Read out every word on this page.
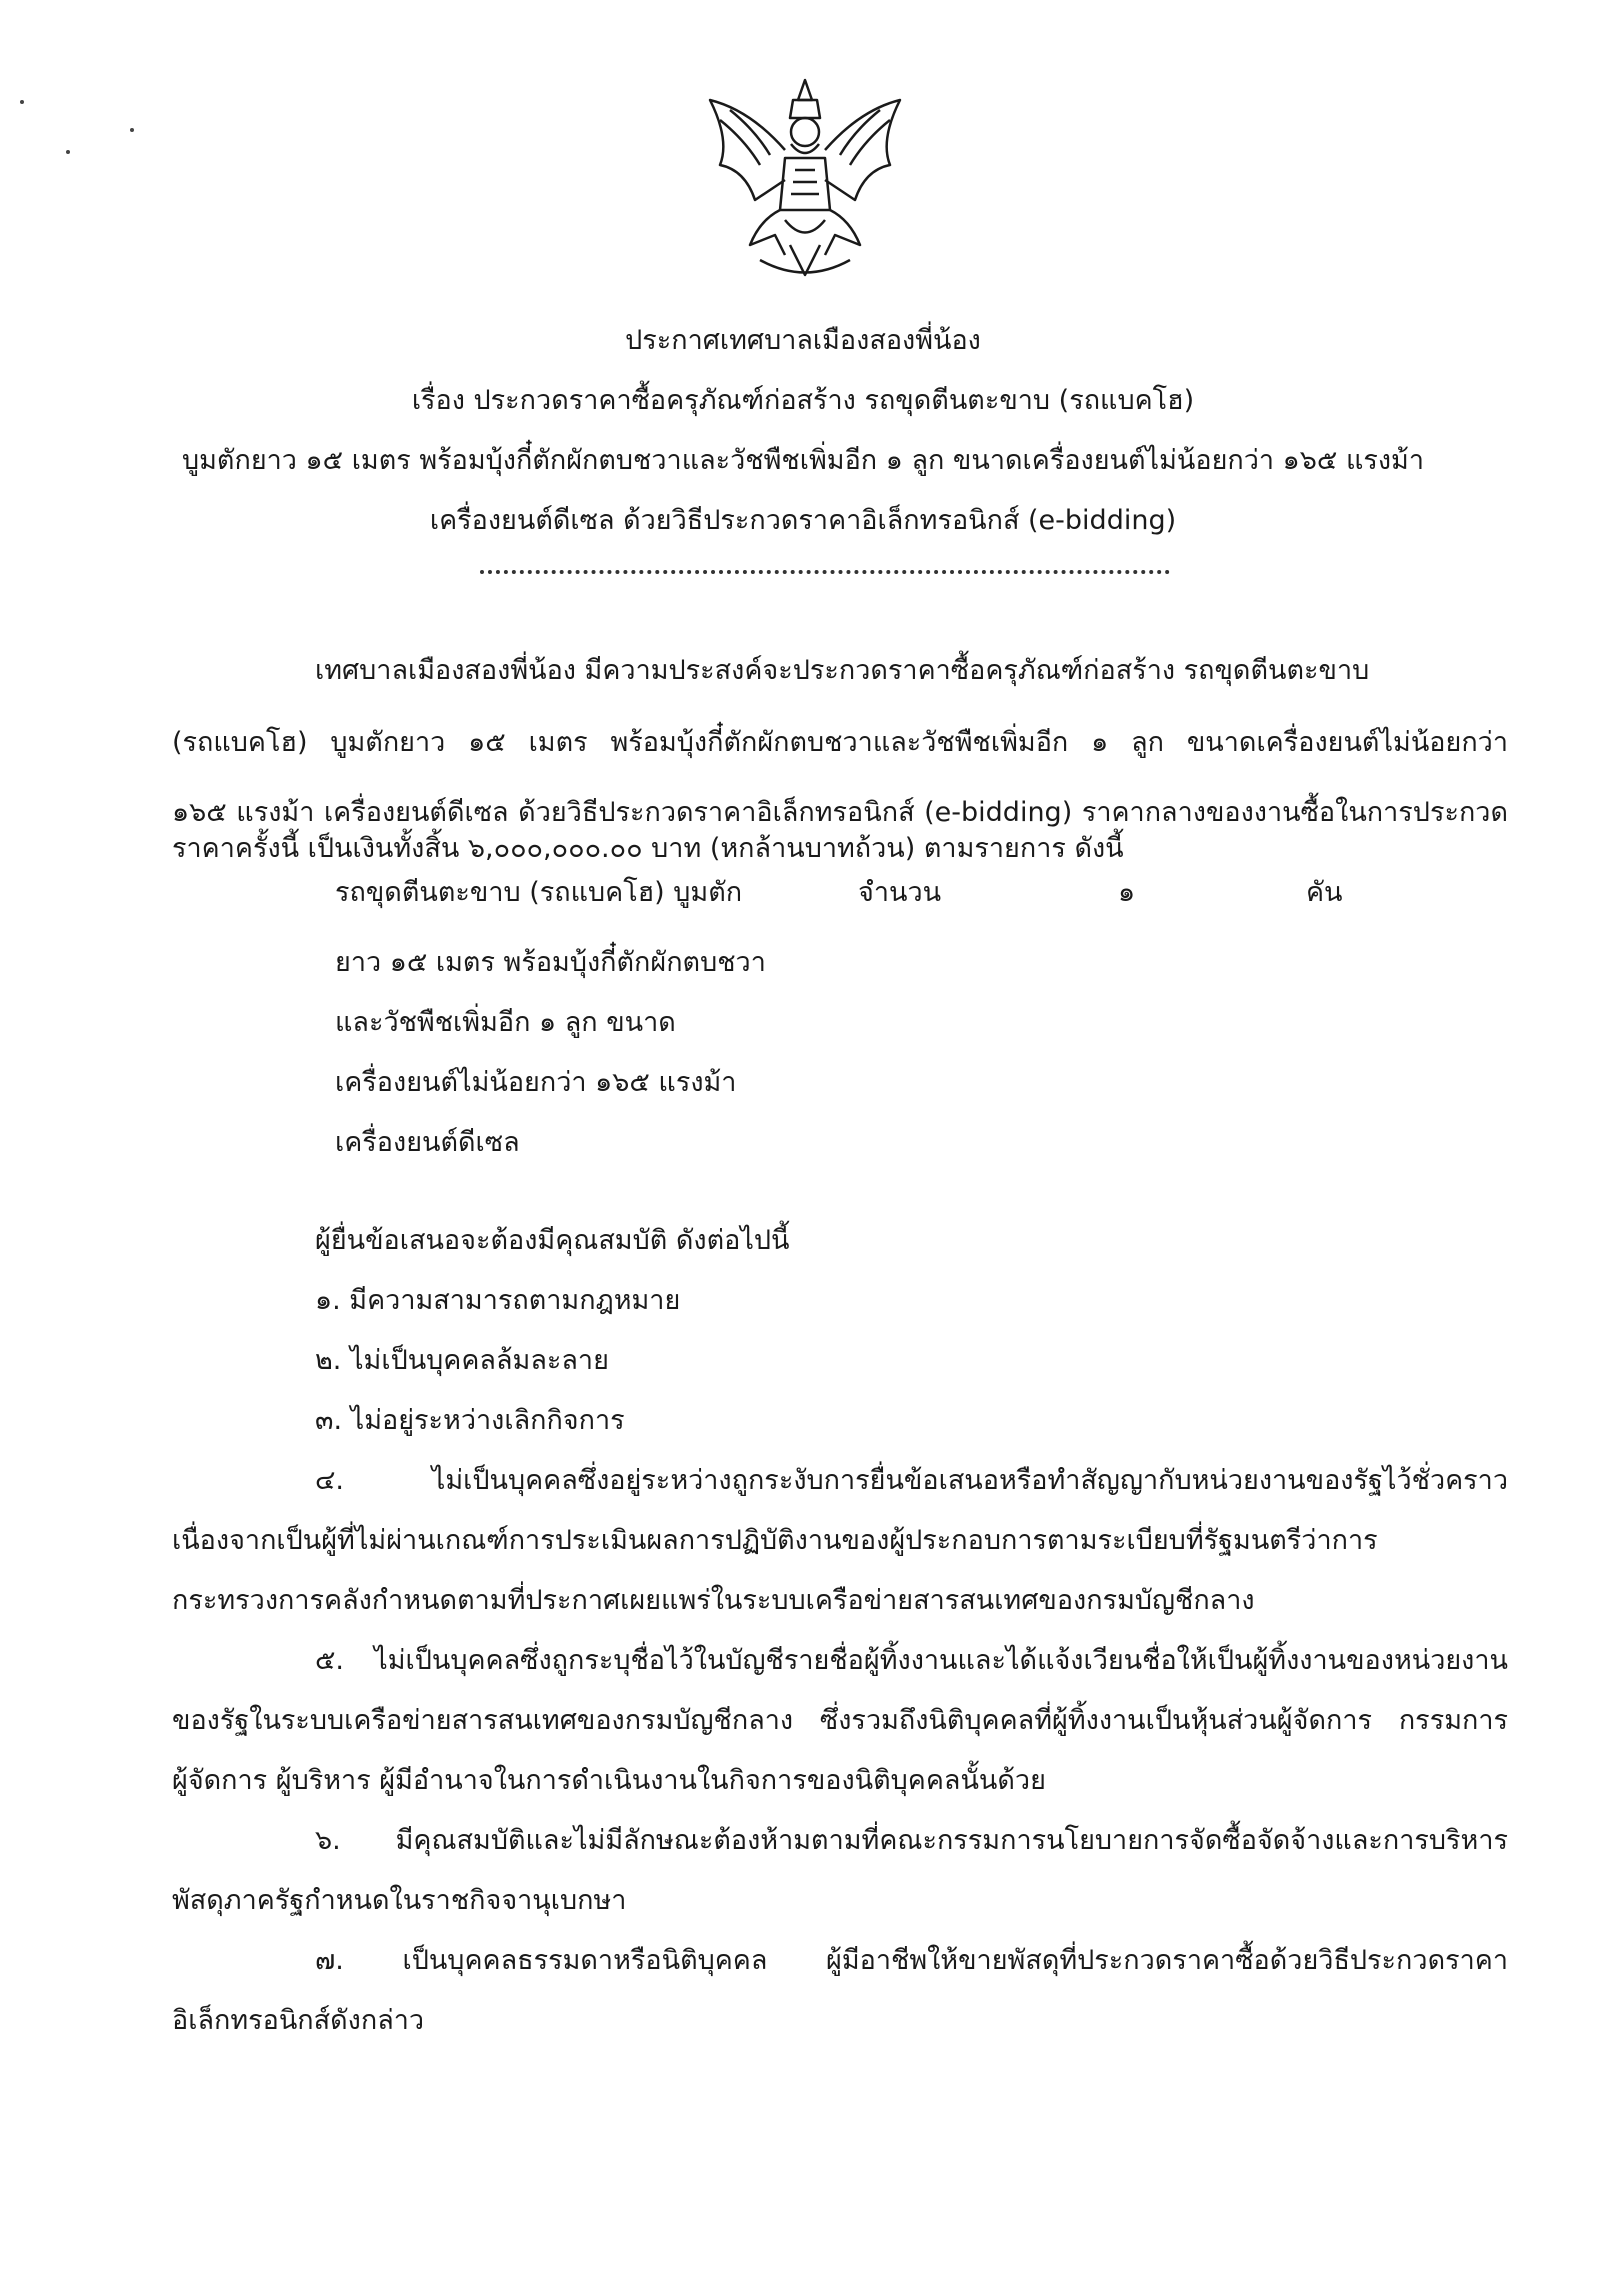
ประกาศเทศบาลเมืองสองพี่น้อง
เรื่อง ประกวดราคาซื้อครุภัณฑ์ก่อสร้าง รถขุดตีนตะขาบ (รถแบคโฮ)
บูมตักยาว ๑๕ เมตร พร้อมบุ้งกี๋ตักผักตบชวาและวัชพืชเพิ่มอีก ๑ ลูก ขนาดเครื่องยนต์ไม่น้อยกว่า ๑๖๕ แรงม้า
เครื่องยนต์ดีเซล ด้วยวิธีประกวดราคาอิเล็กทรอนิกส์ (e-bidding)
เทศบาลเมืองสองพี่น้อง มีความประสงค์จะประกวดราคาซื้อครุภัณฑ์ก่อสร้าง รถขุดตีนตะขาบ
(รถแบคโฮ) บูมตักยาว ๑๕ เมตร พร้อมบุ้งกี๋ตักผักตบชวาและวัชพืชเพิ่มอีก ๑ ลูก ขนาดเครื่องยนต์ไม่น้อยกว่า
๑๖๕ แรงม้า เครื่องยนต์ดีเซล ด้วยวิธีประกวดราคาอิเล็กทรอนิกส์ (e-bidding) ราคากลางของงานซื้อในการประกวด
ราคาครั้งนี้ เป็นเงินทั้งสิ้น ๖,๐๐๐,๐๐๐.๐๐ บาท (หกล้านบาทถ้วน) ตามรายการ ดังนี้
รถขุดตีนตะขาบ (รถแบคโฮ) บูมตัก	จำนวน	๑	คัน
ยาว ๑๕ เมตร พร้อมบุ้งกี๋ตักผักตบชวา
และวัชพืชเพิ่มอีก ๑ ลูก ขนาด
เครื่องยนต์ไม่น้อยกว่า ๑๖๕ แรงม้า
เครื่องยนต์ดีเซล
ผู้ยื่นข้อเสนอจะต้องมีคุณสมบัติ ดังต่อไปนี้
๑. มีความสามารถตามกฎหมาย
๒. ไม่เป็นบุคคลล้มละลาย
๓. ไม่อยู่ระหว่างเลิกกิจการ
๔. ไม่เป็นบุคคลซึ่งอยู่ระหว่างถูกระงับการยื่นข้อเสนอหรือทำสัญญากับหน่วยงานของรัฐไว้ชั่วคราว
เนื่องจากเป็นผู้ที่ไม่ผ่านเกณฑ์การประเมินผลการปฏิบัติงานของผู้ประกอบการตามระเบียบที่รัฐมนตรีว่าการ
กระทรวงการคลังกำหนดตามที่ประกาศเผยแพร่ในระบบเครือข่ายสารสนเทศของกรมบัญชีกลาง
๕. ไม่เป็นบุคคลซึ่งถูกระบุชื่อไว้ในบัญชีรายชื่อผู้ทิ้งงานและได้แจ้งเวียนชื่อให้เป็นผู้ทิ้งงานของหน่วยงาน
ของรัฐในระบบเครือข่ายสารสนเทศของกรมบัญชีกลาง ซึ่งรวมถึงนิติบุคคลที่ผู้ทิ้งงานเป็นหุ้นส่วนผู้จัดการ กรรมการ
ผู้จัดการ ผู้บริหาร ผู้มีอำนาจในการดำเนินงานในกิจการของนิติบุคคลนั้นด้วย
๖. มีคุณสมบัติและไม่มีลักษณะต้องห้ามตามที่คณะกรรมการนโยบายการจัดซื้อจัดจ้างและการบริหาร
พัสดุภาครัฐกำหนดในราชกิจจานุเบกษา
๗. เป็นบุคคลธรรมดาหรือนิติบุคคล ผู้มีอาชีพให้ขายพัสดุที่ประกวดราคาซื้อด้วยวิธีประกวดราคา
อิเล็กทรอนิกส์ดังกล่าว
